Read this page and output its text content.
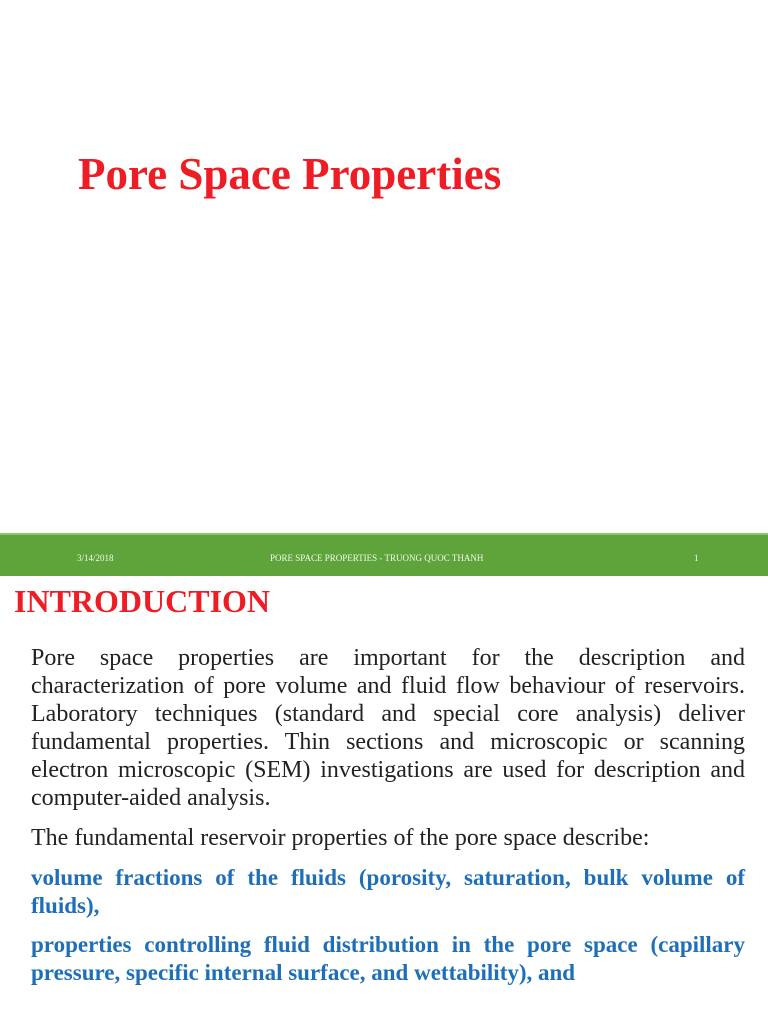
Pore Space Properties
3/14/2018	PORE SPACE PROPERTIES - TRUONG QUOC THANH	1
INTRODUCTION

Pore space properties are important for the description and characterization of pore volume and fluid flow behaviour of reservoirs. Laboratory techniques (standard and special core analysis) deliver fundamental properties. Thin sections and microscopic or scanning electron microscopic (SEM) investigations are used for description and computer-aided analysis.

The fundamental reservoir properties of the pore space describe:

volume fractions of the fluids (porosity, saturation, bulk volume of fluids),

properties controlling fluid distribution in the pore space (capillary pressure, specific internal surface, and wettability), and
